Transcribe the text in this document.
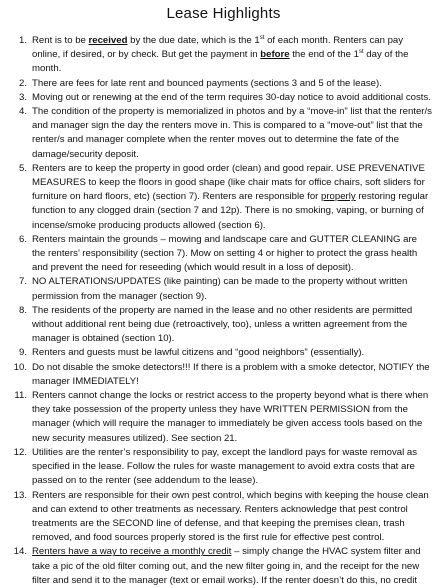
Lease Highlights
1. Rent is to be received by the due date, which is the 1st of each month. Renters can pay online, if desired, or by check. But get the payment in before the end of the 1st day of the month.
2. There are fees for late rent and bounced payments (sections 3 and 5 of the lease).
3. Moving out or renewing at the end of the term requires 30-day notice to avoid additional costs.
4. The condition of the property is memorialized in photos and by a “move-in” list that the renter/s and manager sign the day the renters move in. This is compared to a “move-out” list that the renter/s and manager complete when the renter moves out to determine the fate of the damage/security deposit.
5. Renters are to keep the property in good order (clean) and good repair. USE PREVENATIVE MEASURES to keep the floors in good shape (like chair mats for office chairs, soft sliders for furniture on hard floors, etc) (section 7). Renters are responsible for properly restoring regular function to any clogged drain (section 7 and 12p). There is no smoking, vaping, or burning of incense/smoke producing products allowed (section 6).
6. Renters maintain the grounds – mowing and landscape care and GUTTER CLEANING are the renters’ responsibility (section 7). Mow on setting 4 or higher to protect the grass health and prevent the need for reseeding (which would result in a loss of deposit).
7. NO ALTERATIONS/UPDATES (like painting) can be made to the property without written permission from the manager (section 9).
8. The residents of the property are named in the lease and no other residents are permitted without additional rent being due (retroactively, too), unless a written agreement from the manager is obtained (section 10).
9. Renters and guests must be lawful citizens and “good neighbors” (essentially).
10. Do not disable the smoke detectors!!! If there is a problem with a smoke detector, NOTIFY the manager IMMEDIATELY!
11. Renters cannot change the locks or restrict access to the property beyond what is there when they take possession of the property unless they have WRITTEN PERMISSION from the manager (which will require the manager to immediately be given access tools based on the new security measures utilized). See section 21.
12. Utilities are the renter’s responsibility to pay, except the landlord pays for waste removal as specified in the lease. Follow the rules for waste management to avoid extra costs that are passed on to the renter (see addendum to the lease).
13. Renters are responsible for their own pest control, which begins with keeping the house clean and can extend to other treatments as necessary. Renters acknowledge that pest control treatments are the SECOND line of defense, and that keeping the premises clean, trash removed, and food sources properly stored is the first rule for effective pest control.
14. Renters have a way to receive a monthly credit – simply change the HVAC system filter and take a pic of the old filter coming out, and the new filter going in, and the receipt for the new filter and send it to the manager (text or email works). If the renter doesn’t do this, no credit
